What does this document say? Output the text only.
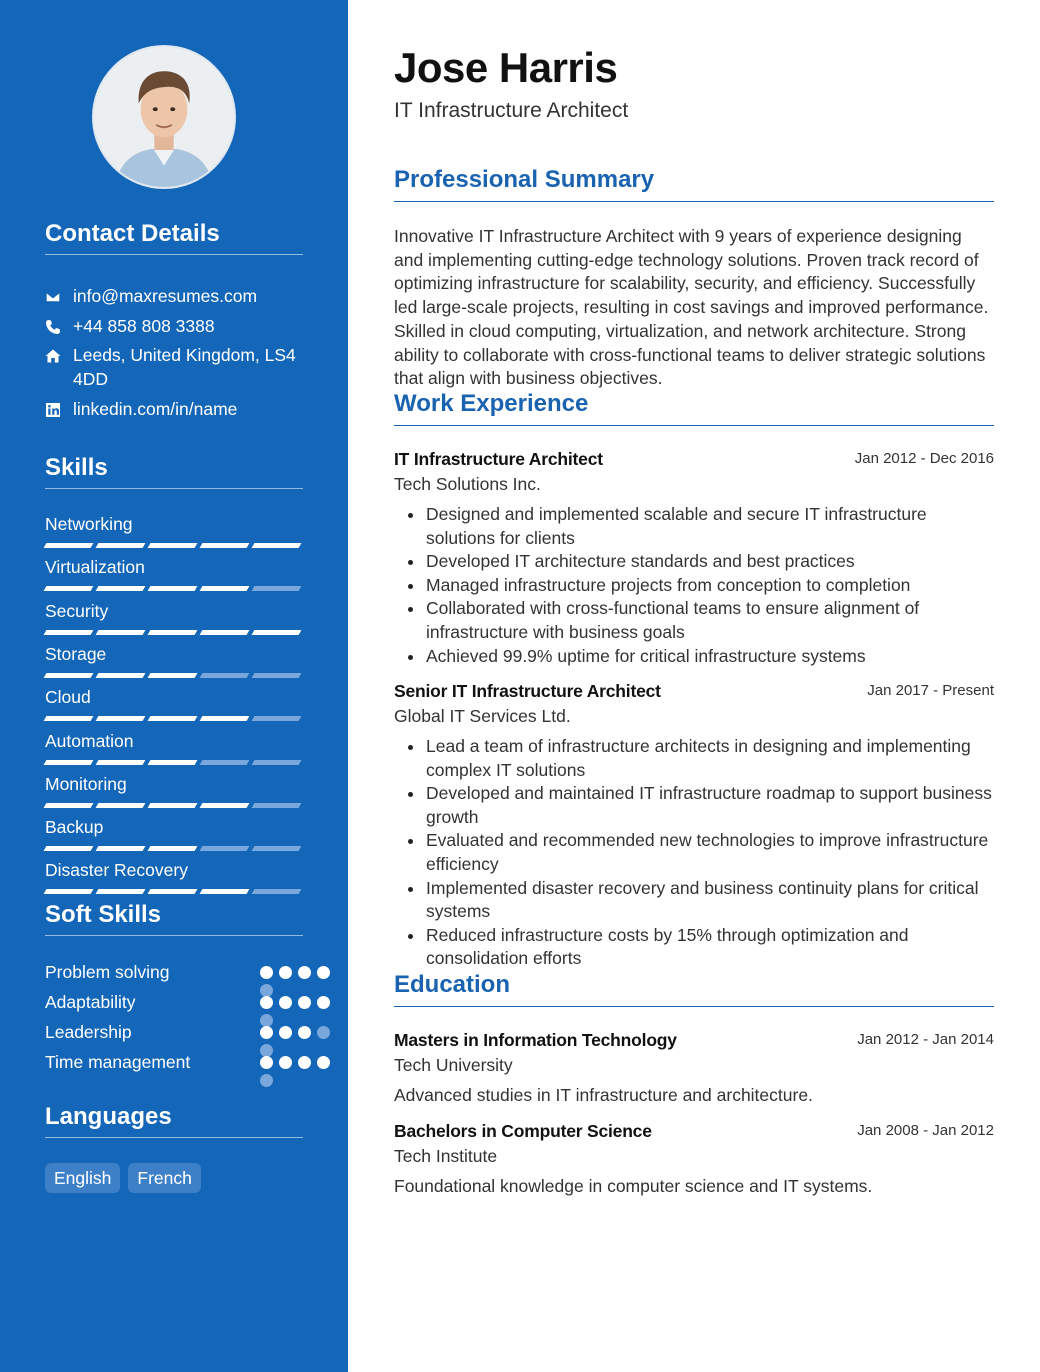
Contact Details
info@maxresumes.com
+44 858 808 3388
Leeds, United Kingdom, LS4 4DD
linkedin.com/in/name
Skills
Networking
Virtualization
Security
Storage
Cloud
Automation
Monitoring
Backup
Disaster Recovery
Soft Skills
Problem solving
Adaptability
Leadership
Time management
Languages
English	French
Jose Harris
IT Infrastructure Architect
Professional Summary
Innovative IT Infrastructure Architect with 9 years of experience designing and implementing cutting-edge technology solutions. Proven track record of optimizing infrastructure for scalability, security, and efficiency. Successfully led large-scale projects, resulting in cost savings and improved performance. Skilled in cloud computing, virtualization, and network architecture. Strong ability to collaborate with cross-functional teams to deliver strategic solutions that align with business objectives.
Work Experience
IT Infrastructure Architect	Jan 2012 - Dec 2016
Tech Solutions Inc.
Designed and implemented scalable and secure IT infrastructure solutions for clients
Developed IT architecture standards and best practices
Managed infrastructure projects from conception to completion
Collaborated with cross-functional teams to ensure alignment of infrastructure with business goals
Achieved 99.9% uptime for critical infrastructure systems
Senior IT Infrastructure Architect	Jan 2017 - Present
Global IT Services Ltd.
Lead a team of infrastructure architects in designing and implementing complex IT solutions
Developed and maintained IT infrastructure roadmap to support business growth
Evaluated and recommended new technologies to improve infrastructure efficiency
Implemented disaster recovery and business continuity plans for critical systems
Reduced infrastructure costs by 15% through optimization and consolidation efforts
Education
Masters in Information Technology	Jan 2012 - Jan 2014
Tech University
Advanced studies in IT infrastructure and architecture.
Bachelors in Computer Science	Jan 2008 - Jan 2012
Tech Institute
Foundational knowledge in computer science and IT systems.
